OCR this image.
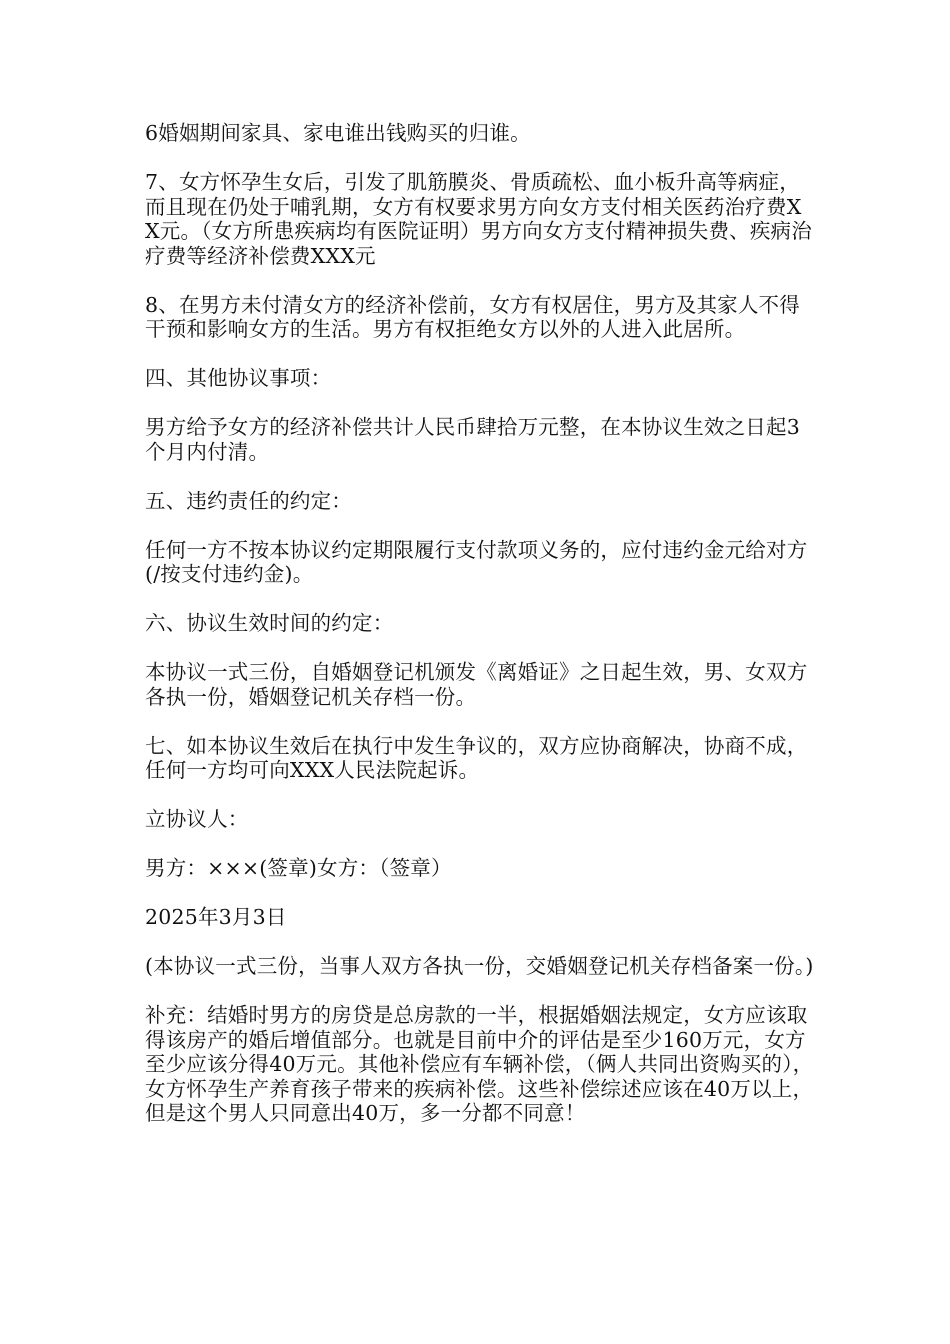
6婚姻期间家具、家电谁出钱购买的归谁。

7、女方怀孕生女后，引发了肌筋膜炎、骨质疏松、血小板升高等病症，而且现在仍处于哺乳期，女方有权要求男方向女方支付相关医药治疗费XX元。（女方所患疾病均有医院证明）男方向女方支付精神损失费、疾病治疗费等经济补偿费XXX元

8、在男方未付清女方的经济补偿前，女方有权居住，男方及其家人不得干预和影响女方的生活。男方有权拒绝女方以外的人进入此居所。

四、其他协议事项：

男方给予女方的经济补偿共计人民币肆拾万元整，在本协议生效之日起3个月内付清。

五、违约责任的约定：

任何一方不按本协议约定期限履行支付款项义务的，应付违约金元给对方(/按支付违约金)。

六、协议生效时间的约定：

本协议一式三份，自婚姻登记机颁发《离婚证》之日起生效，男、女双方各执一份，婚姻登记机关存档一份。

七、如本协议生效后在执行中发生争议的，双方应协商解决，协商不成，任何一方均可向XXX人民法院起诉。

立协议人：

男方：×××(签章)女方：（签章）

2025年3月3日

(本协议一式三份，当事人双方各执一份，交婚姻登记机关存档备案一份。)

补充：结婚时男方的房贷是总房款的一半，根据婚姻法规定，女方应该取得该房产的婚后增值部分。也就是目前中介的评估是至少160万元，女方至少应该分得40万元。其他补偿应有车辆补偿，（俩人共同出资购买的），女方怀孕生产养育孩子带来的疾病补偿。这些补偿综述应该在40万以上，但是这个男人只同意出40万，多一分都不同意！
